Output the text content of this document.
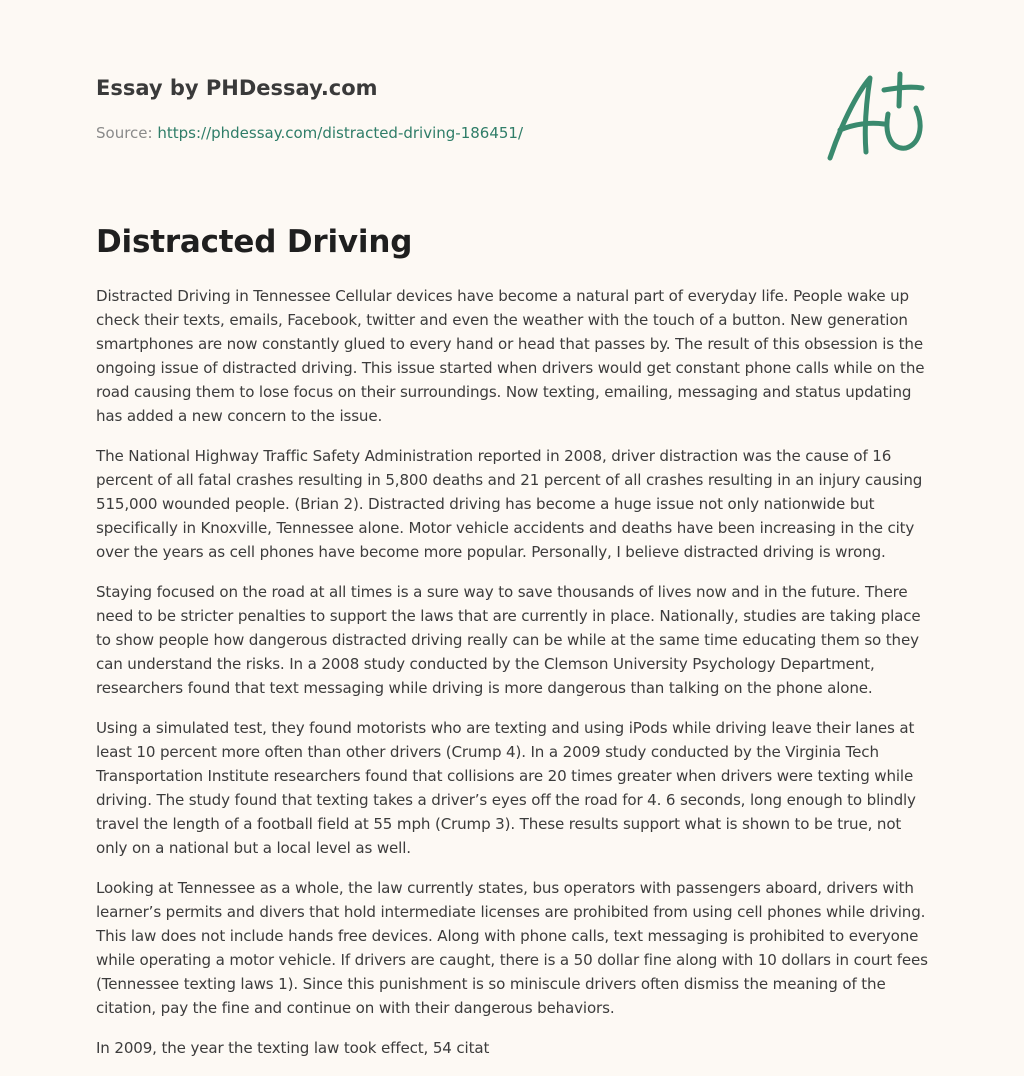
Essay by PHDessay.com
Source: https://phdessay.com/distracted-driving-186451/
Distracted Driving

Distracted Driving in Tennessee Cellular devices have become a natural part of everyday life. People wake up check their texts, emails, Facebook, twitter and even the weather with the touch of a button. New generation smartphones are now constantly glued to every hand or head that passes by. The result of this obsession is the ongoing issue of distracted driving. This issue started when drivers would get constant phone calls while on the road causing them to lose focus on their surroundings. Now texting, emailing, messaging and status updating has added a new concern to the issue.

The National Highway Traffic Safety Administration reported in 2008, driver distraction was the cause of 16 percent of all fatal crashes resulting in 5,800 deaths and 21 percent of all crashes resulting in an injury causing 515,000 wounded people. (Brian 2). Distracted driving has become a huge issue not only nationwide but specifically in Knoxville, Tennessee alone. Motor vehicle accidents and deaths have been increasing in the city over the years as cell phones have become more popular. Personally, I believe distracted driving is wrong.

Staying focused on the road at all times is a sure way to save thousands of lives now and in the future. There need to be stricter penalties to support the laws that are currently in place. Nationally, studies are taking place to show people how dangerous distracted driving really can be while at the same time educating them so they can understand the risks. In a 2008 study conducted by the Clemson University Psychology Department, researchers found that text messaging while driving is more dangerous than talking on the phone alone.

Using a simulated test, they found motorists who are texting and using iPods while driving leave their lanes at least 10 percent more often than other drivers (Crump 4). In a 2009 study conducted by the Virginia Tech Transportation Institute researchers found that collisions are 20 times greater when drivers were texting while driving. The study found that texting takes a driver’s eyes off the road for 4. 6 seconds, long enough to blindly travel the length of a football field at 55 mph (Crump 3). These results support what is shown to be true, not only on a national but a local level as well.

Looking at Tennessee as a whole, the law currently states, bus operators with passengers aboard, drivers with learner’s permits and divers that hold intermediate licenses are prohibited from using cell phones while driving. This law does not include hands free devices. Along with phone calls, text messaging is prohibited to everyone while operating a motor vehicle. If drivers are caught, there is a 50 dollar fine along with 10 dollars in court fees (Tennessee texting laws 1). Since this punishment is so miniscule drivers often dismiss the meaning of the citation, pay the fine and continue on with their dangerous behaviors.

In 2009, the year the texting law took effect, 54 citat
